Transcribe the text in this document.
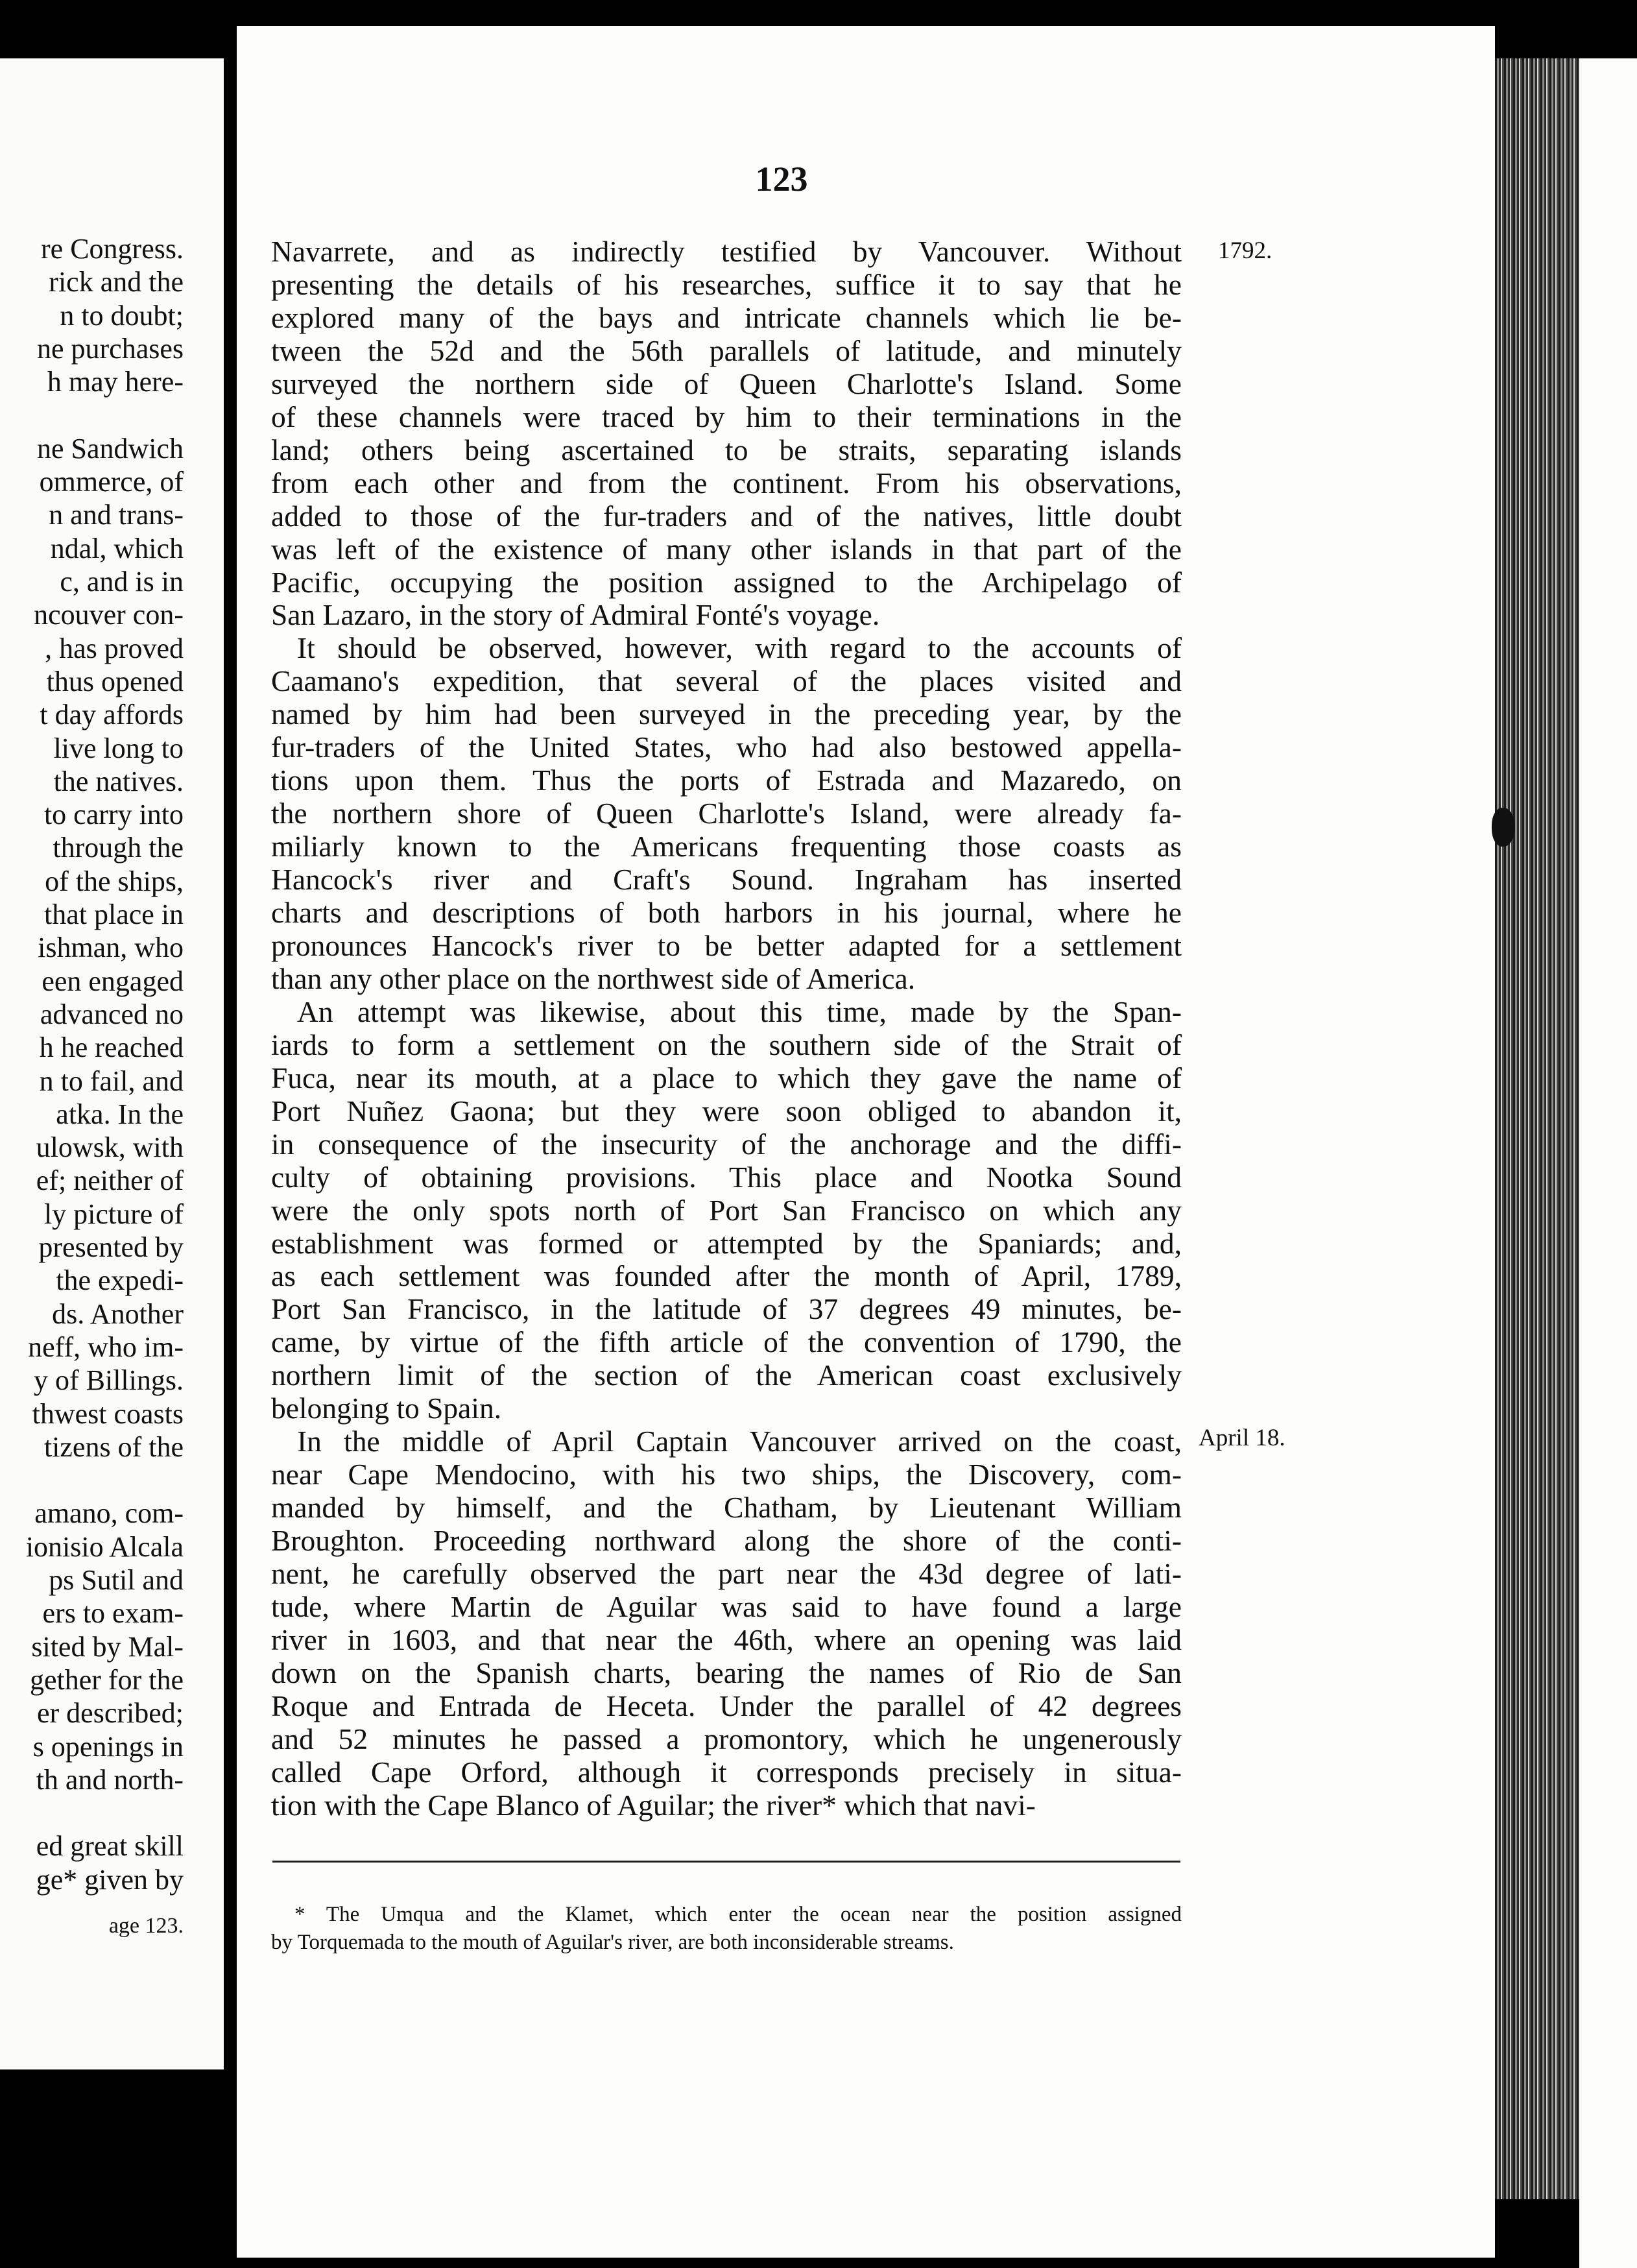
re Congress.
rick and the
n to doubt;
ne purchases
h may here-
ne Sandwich
ommerce, of
n and trans-
ndal, which
c, and is in
ncouver con-
, has proved
thus opened
t day affords
live long to
the natives.
to carry into
through the
of the ships,
that place in
ishman, who
een engaged
advanced no
h he reached
n to fail, and
atka. In the
ulowsk, with
ef; neither of
ly picture of
presented by
the expedi-
ds. Another
neff, who im-
y of Billings.
thwest coasts
tizens of the
amano, com-
ionisio Alcala
ps Sutil and
ers to exam-
sited by Mal-
gether for the
er described;
s openings in
th and north-
ed great skill
ge* given by
age 123.
123
Navarrete, and as indirectly testified by Vancouver. Without
presenting the details of his researches, suffice it to say that he
explored many of the bays and intricate channels which lie be-
tween the 52d and the 56th parallels of latitude, and minutely
surveyed the northern side of Queen Charlotte's Island. Some
of these channels were traced by him to their terminations in the
land; others being ascertained to be straits, separating islands
from each other and from the continent. From his observations,
added to those of the fur-traders and of the natives, little doubt
was left of the existence of many other islands in that part of the
Pacific, occupying the position assigned to the Archipelago of
San Lazaro, in the story of Admiral Fonté's voyage.
It should be observed, however, with regard to the accounts of
Caamano's expedition, that several of the places visited and
named by him had been surveyed in the preceding year, by the
fur-traders of the United States, who had also bestowed appella-
tions upon them. Thus the ports of Estrada and Mazaredo, on
the northern shore of Queen Charlotte's Island, were already fa-
miliarly known to the Americans frequenting those coasts as
Hancock's river and Craft's Sound. Ingraham has inserted
charts and descriptions of both harbors in his journal, where he
pronounces Hancock's river to be better adapted for a settlement
than any other place on the northwest side of America.
An attempt was likewise, about this time, made by the Span-
iards to form a settlement on the southern side of the Strait of
Fuca, near its mouth, at a place to which they gave the name of
Port Nuñez Gaona; but they were soon obliged to abandon it,
in consequence of the insecurity of the anchorage and the diffi-
culty of obtaining provisions. This place and Nootka Sound
were the only spots north of Port San Francisco on which any
establishment was formed or attempted by the Spaniards; and,
as each settlement was founded after the month of April, 1789,
Port San Francisco, in the latitude of 37 degrees 49 minutes, be-
came, by virtue of the fifth article of the convention of 1790, the
northern limit of the section of the American coast exclusively
belonging to Spain.
In the middle of April Captain Vancouver arrived on the coast,
near Cape Mendocino, with his two ships, the Discovery, com-
manded by himself, and the Chatham, by Lieutenant William
Broughton. Proceeding northward along the shore of the conti-
nent, he carefully observed the part near the 43d degree of lati-
tude, where Martin de Aguilar was said to have found a large
river in 1603, and that near the 46th, where an opening was laid
down on the Spanish charts, bearing the names of Rio de San
Roque and Entrada de Heceta. Under the parallel of 42 degrees
and 52 minutes he passed a promontory, which he ungenerously
called Cape Orford, although it corresponds precisely in situa-
tion with the Cape Blanco of Aguilar; the river* which that navi-
1792.
April 18.
* The Umqua and the Klamet, which enter the ocean near the position assigned
by Torquemada to the mouth of Aguilar's river, are both inconsiderable streams.
